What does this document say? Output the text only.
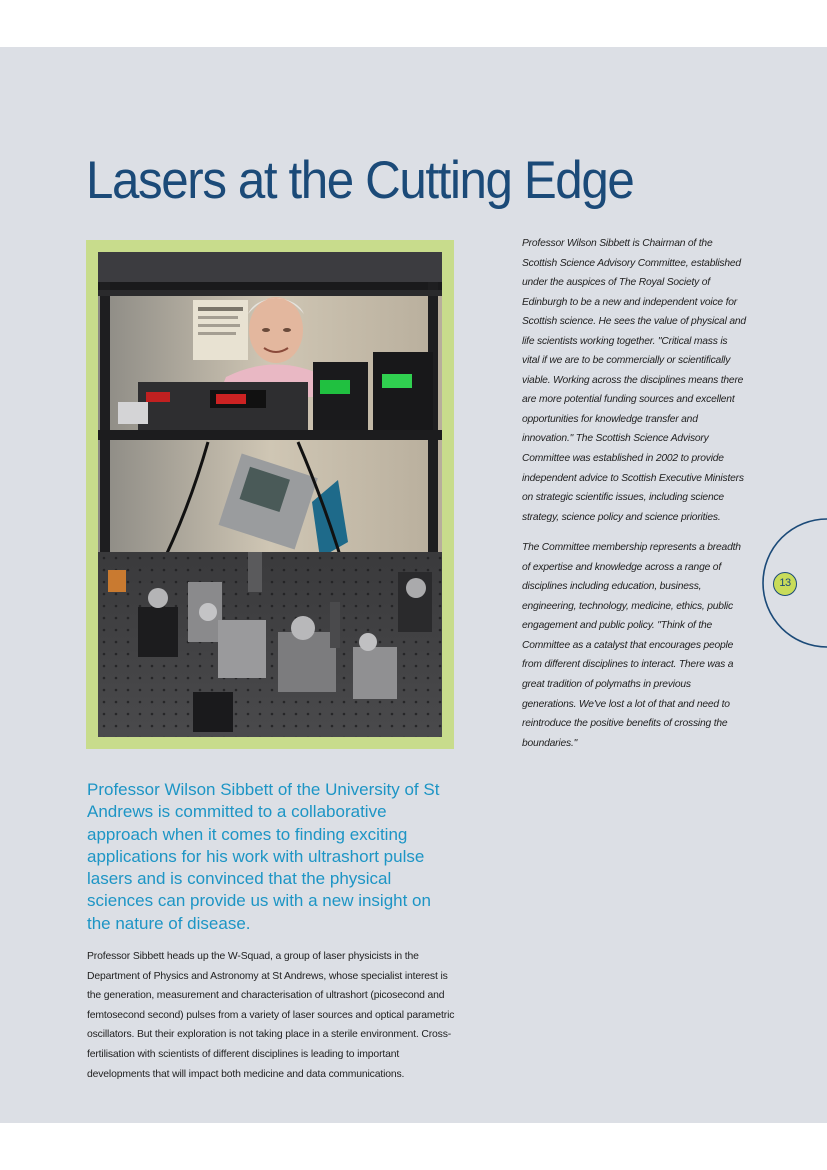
Lasers at the Cutting Edge

Professor Wilson Sibbett of the University of St Andrews is committed to a collaborative approach when it comes to finding exciting applications for his work with ultrashort pulse lasers and is convinced that the physical sciences can provide us with a new insight on the nature of disease.

Professor Sibbett heads up the W-Squad, a group of laser physicists in the Department of Physics and Astronomy at St Andrews, whose specialist interest is the generation, measurement and characterisation of ultrashort (picosecond and femtosecond second) pulses from a variety of laser sources and optical parametric oscillators. But their exploration is not taking place in a sterile environment. Cross-fertilisation with scientists of different disciplines is leading to important developments that will impact both medicine and data communications.

Professor Wilson Sibbett is Chairman of the Scottish Science Advisory Committee, established under the auspices of The Royal Society of Edinburgh to be a new and independent voice for Scottish science. He sees the value of physical and life scientists working together. "Critical mass is vital if we are to be commercially or scientifically viable. Working across the disciplines means there are more potential funding sources and excellent opportunities for knowledge transfer and innovation." The Scottish Science Advisory Committee was established in 2002 to provide independent advice to Scottish Executive Ministers on strategic scientific issues, including science strategy, science policy and science priorities.

The Committee membership represents a breadth of expertise and knowledge across a range of disciplines including education, business, engineering, technology, medicine, ethics, public engagement and public policy. "Think of the Committee as a catalyst that encourages people from different disciplines to interact. There was a great tradition of polymaths in previous generations. We've lost a lot of that and need to reintroduce the positive benefits of crossing the boundaries."

13
